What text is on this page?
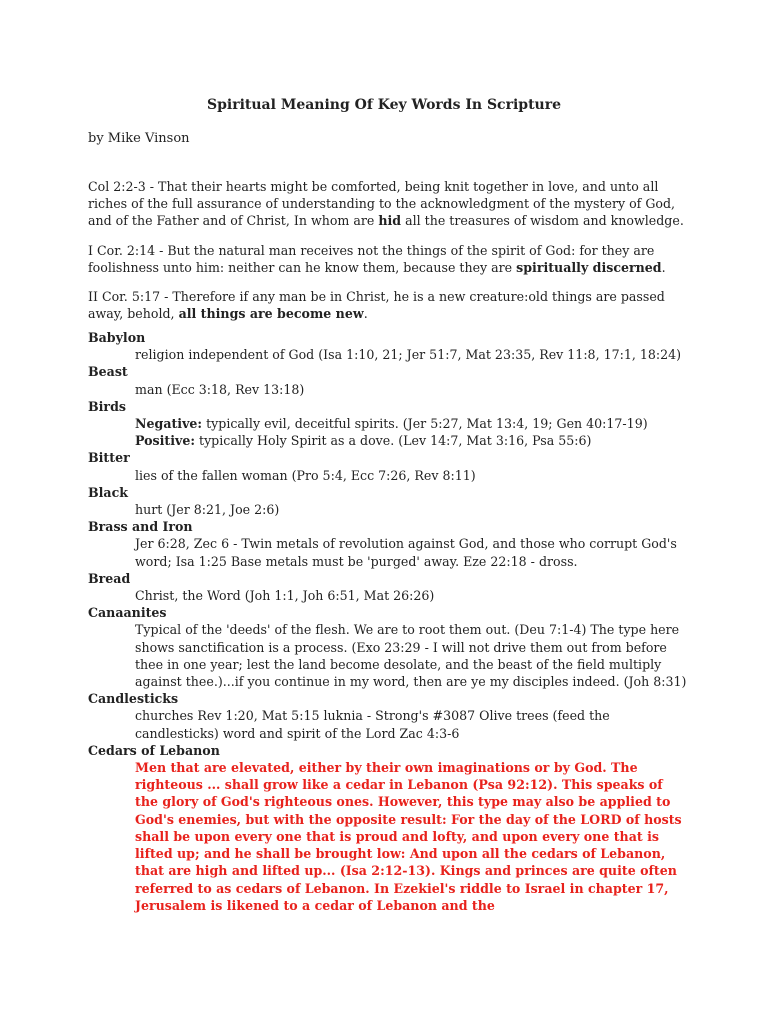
Spiritual Meaning Of Key Words In Scripture

by Mike Vinson

Col 2:2-3 - That their hearts might be comforted, being knit together in love, and unto all riches of the full assurance of understanding to the acknowledgment of the mystery of God, and of the Father and of Christ, In whom are hid all the treasures of wisdom and knowledge.

I Cor. 2:14 - But the natural man receives not the things of the spirit of God: for they are foolishness unto him: neither can he know them, because they are spiritually discerned.

II Cor. 5:17 - Therefore if any man be in Christ, he is a new creature:old things are passed away, behold, all things are become new.

Babylon

religion independent of God (Isa 1:10, 21; Jer 51:7, Mat 23:35, Rev 11:8, 17:1, 18:24)

Beast

man (Ecc 3:18, Rev 13:18)

Birds

Negative: typically evil, deceitful spirits. (Jer 5:27, Mat 13:4, 19; Gen 40:17-19)

Positive: typically Holy Spirit as a dove. (Lev 14:7, Mat 3:16, Psa 55:6)

Bitter

lies of the fallen woman (Pro 5:4, Ecc 7:26, Rev 8:11)

Black

hurt (Jer 8:21, Joe 2:6)

Brass and Iron

Jer 6:28, Zec 6 - Twin metals of revolution against God, and those who corrupt God's word; Isa 1:25 Base metals must be 'purged' away. Eze 22:18 - dross.

Bread

Christ, the Word (Joh 1:1, Joh 6:51, Mat 26:26)

Canaanites

Typical of the 'deeds' of the flesh. We are to root them out. (Deu 7:1-4) The type here shows sanctification is a process. (Exo 23:29 - I will not drive them out from before thee in one year; lest the land become desolate, and the beast of the field multiply against thee.)...if you continue in my word, then are ye my disciples indeed. (Joh 8:31)

Candlesticks

churches Rev 1:20, Mat 5:15 luknia - Strong's #3087 Olive trees (feed the candlesticks) word and spirit of the Lord Zac 4:3-6

Cedars of Lebanon

Men that are elevated, either by their own imaginations or by God. The righteous ... shall grow like a cedar in Lebanon (Psa 92:12). This speaks of the glory of God's righteous ones. However, this type may also be applied to God's enemies, but with the opposite result: For the day of the LORD of hosts shall be upon every one that is proud and lofty, and upon every one that is lifted up; and he shall be brought low: And upon all the cedars of Lebanon, that are high and lifted up... (Isa 2:12-13). Kings and princes are quite often referred to as cedars of Lebanon. In Ezekiel's riddle to Israel in chapter 17, Jerusalem is likened to a cedar of Lebanon and the
